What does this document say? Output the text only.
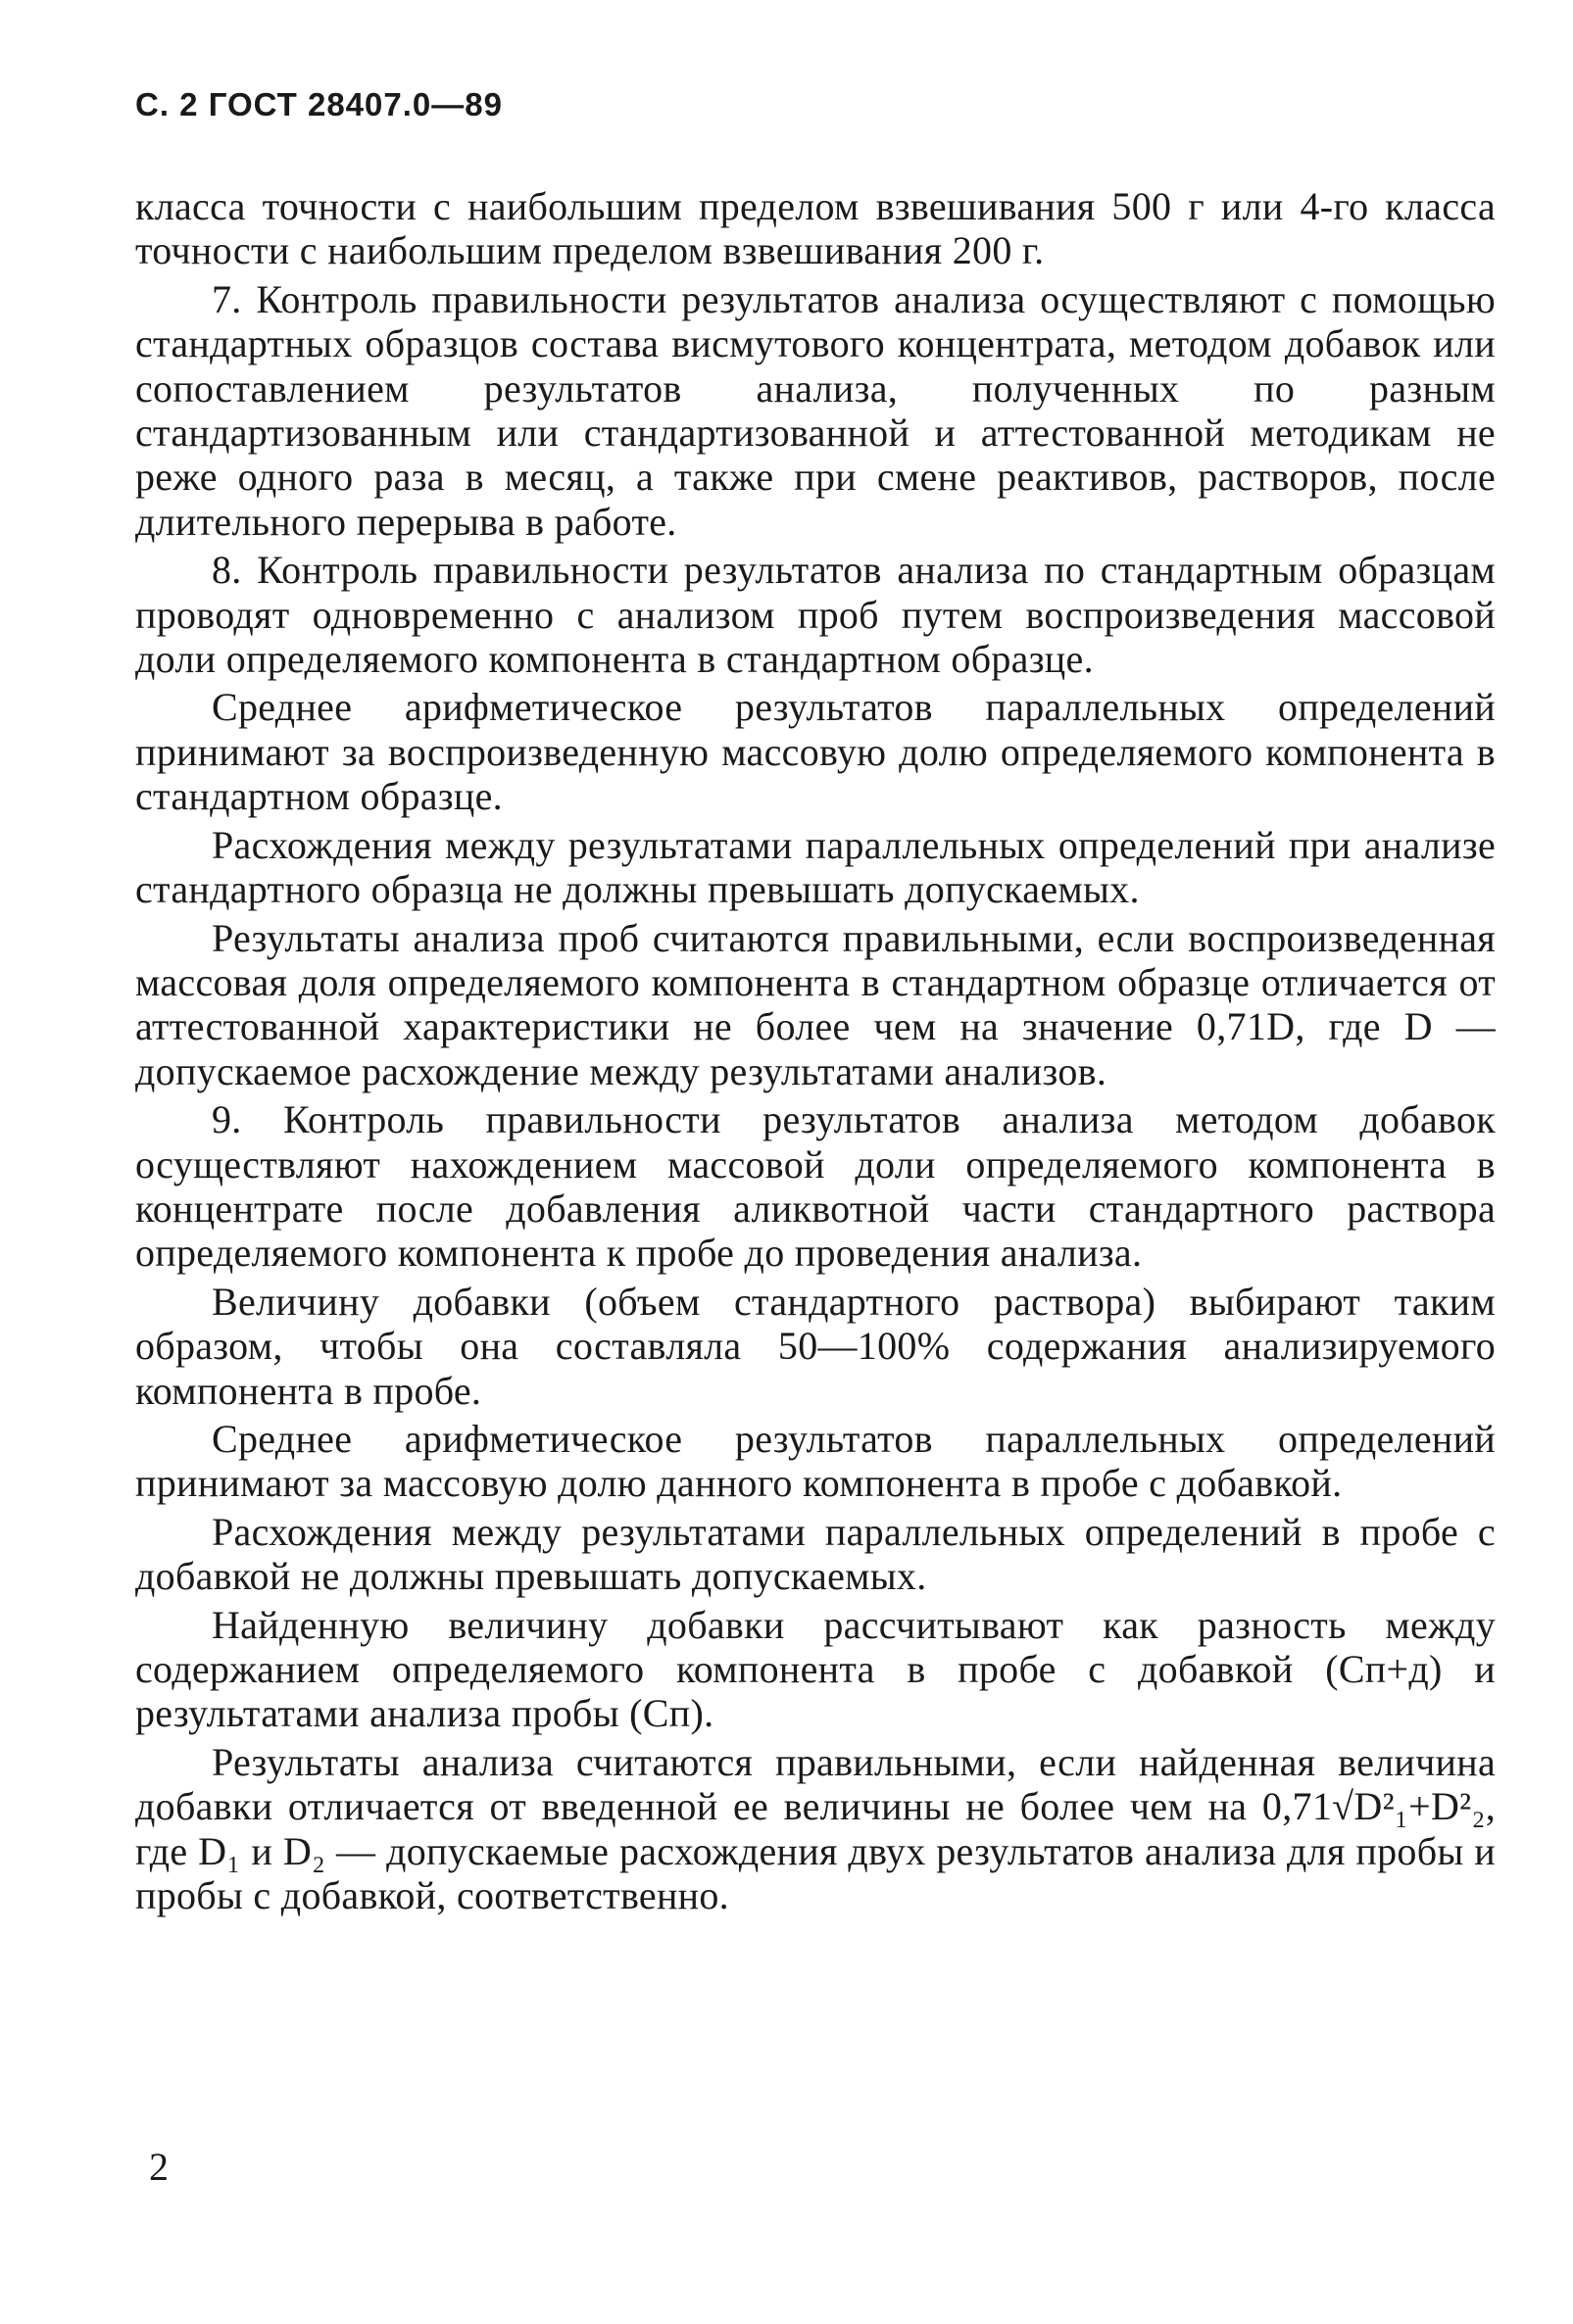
С. 2 ГОСТ 28407.0—89

класса точности с наибольшим пределом взвешивания 500 г или 4-го класса точности с наибольшим пределом взвешивания 200 г.

7. Контроль правильности результатов анализа осуществляют с помощью стандартных образцов состава висмутового концентрата, методом добавок или сопоставлением результатов анализа, полученных по разным стандартизованным или стандартизованной и аттестованной методикам не реже одного раза в месяц, а также при смене реактивов, растворов, после длительного перерыва в работе.

8. Контроль правильности результатов анализа по стандартным образцам проводят одновременно с анализом проб путем воспроизведения массовой доли определяемого компонента в стандартном образце.

Среднее арифметическое результатов параллельных определений принимают за воспроизведенную массовую долю определяемого компонента в стандартном образце.

Расхождения между результатами параллельных определений при анализе стандартного образца не должны превышать допускаемых.

Результаты анализа проб считаются правильными, если воспроизведенная массовая доля определяемого компонента в стандартном образце отличается от аттестованной характеристики не более чем на значение 0,71D, где D — допускаемое расхождение между результатами анализов.

9. Контроль правильности результатов анализа методом добавок осуществляют нахождением массовой доли определяемого компонента в концентрате после добавления аликвотной части стандартного раствора определяемого компонента к пробе до проведения анализа.

Величину добавки (объем стандартного раствора) выбирают таким образом, чтобы она составляла 50—100% содержания анализируемого компонента в пробе.

Среднее арифметическое результатов параллельных определений принимают за массовую долю данного компонента в пробе с добавкой.

Расхождения между результатами параллельных определений в пробе с добавкой не должны превышать допускаемых.

Найденную величину добавки рассчитывают как разность между содержанием определяемого компонента в пробе с добавкой (Cп+д) и результатами анализа пробы (Cп).

Результаты анализа считаются правильными, если найденная величина добавки отличается от введенной ее величины не более чем на 0,71√D²₁+D²₂, где D₁ и D₂ — допускаемые расхождения двух результатов анализа для пробы и пробы с добавкой, соответственно.

2
